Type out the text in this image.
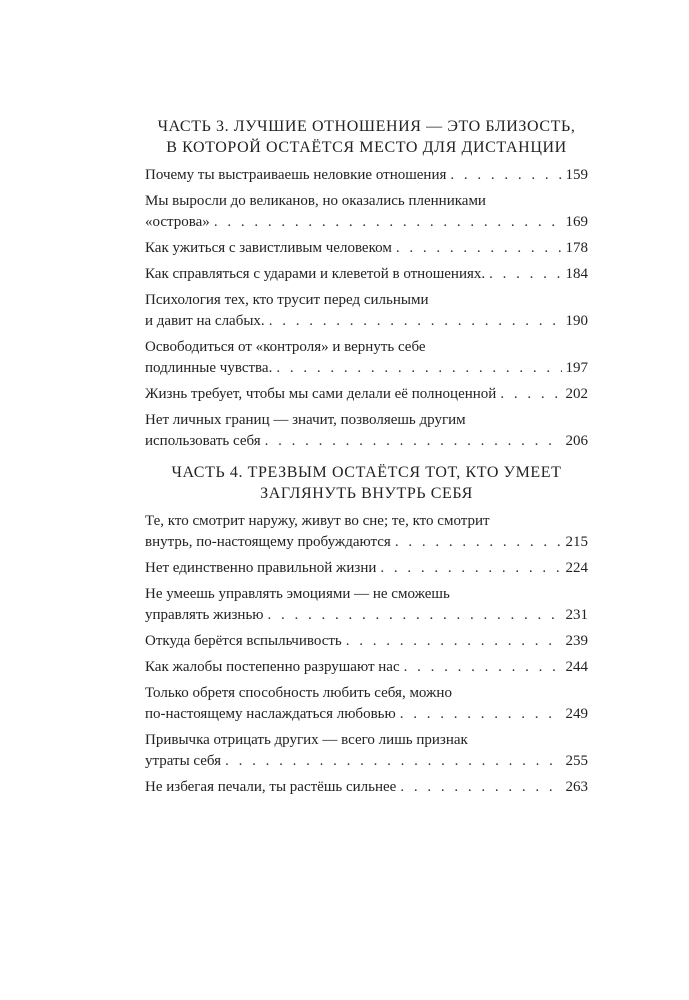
ЧАСТЬ 3. ЛУЧШИЕ ОТНОШЕНИЯ — ЭТО БЛИЗОСТЬ,
В КОТОРОЙ ОСТАЁТСЯ МЕСТО ДЛЯ ДИСТАНЦИИ
Почему ты выстраиваешь неловкие отношения . . .	159
Мы выросли до великанов, но оказались пленниками
«острова» . . .	169
Как ужиться с завистливым человеком . . .	178
Как справляться с ударами и клеветой в отношениях. . . .	184
Психология тех, кто трусит перед сильными
и давит на слабых. . . .	190
Освободиться от «контроля» и вернуть себе
подлинные чувства. . . .	197
Жизнь требует, чтобы мы сами делали её полноценной . . .	202
Нет личных границ — значит, позволяешь другим
использовать себя . . .	206
ЧАСТЬ 4. ТРЕЗВЫМ ОСТАЁТСЯ ТОТ, КТО УМЕЕТ
ЗАГЛЯНУТЬ ВНУТРЬ СЕБЯ
Те, кто смотрит наружу, живут во сне; те, кто смотрит
внутрь, по-настоящему пробуждаются . . .	215
Нет единственно правильной жизни . . .	224
Не умеешь управлять эмоциями — не сможешь
управлять жизнью . . .	231
Откуда берётся вспыльчивость . . .	239
Как жалобы постепенно разрушают нас . . .	244
Только обретя способность любить себя, можно
по-настоящему наслаждаться любовью . . .	249
Привычка отрицать других — всего лишь признак
утраты себя . . .	255
Не избегая печали, ты растёшь сильнее . . .	263
